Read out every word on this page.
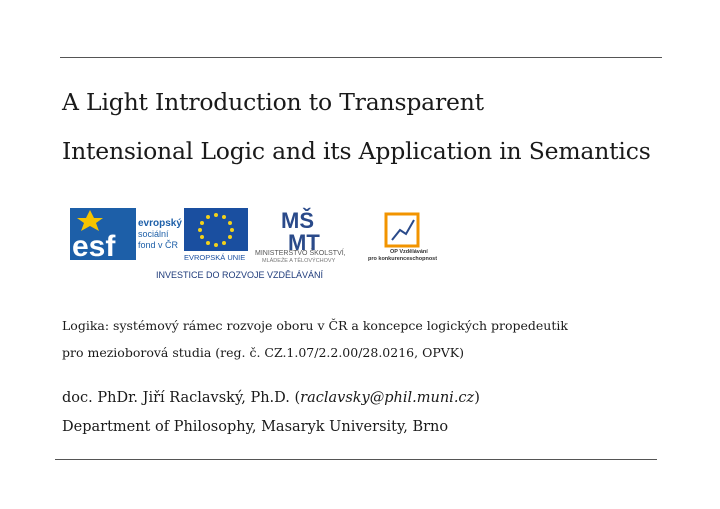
A Light Introduction to Transparent
Intensional Logic and its Application in Semantics
esf
evropský
sociální
fond v ČR
EVROPSKÁ UNIE
MŠ
MT
MINISTERSTVO ŠKOLSTVÍ,
MLÁDEŽE A TĚLOVÝCHOVY
OP Vzdělávání
pro konkurenceschopnost
INVESTICE DO ROZVOJE VZDĚLÁVÁNÍ
Logika: systémový rámec rozvoje oboru v ČR a koncepce logických propedeutik
pro mezioborová studia (reg. č. CZ.1.07/2.2.00/28.0216, OPVK)
doc. PhDr. Jiří Raclavský, Ph.D. (raclavsky@phil.muni.cz)
Department of Philosophy, Masaryk University, Brno
